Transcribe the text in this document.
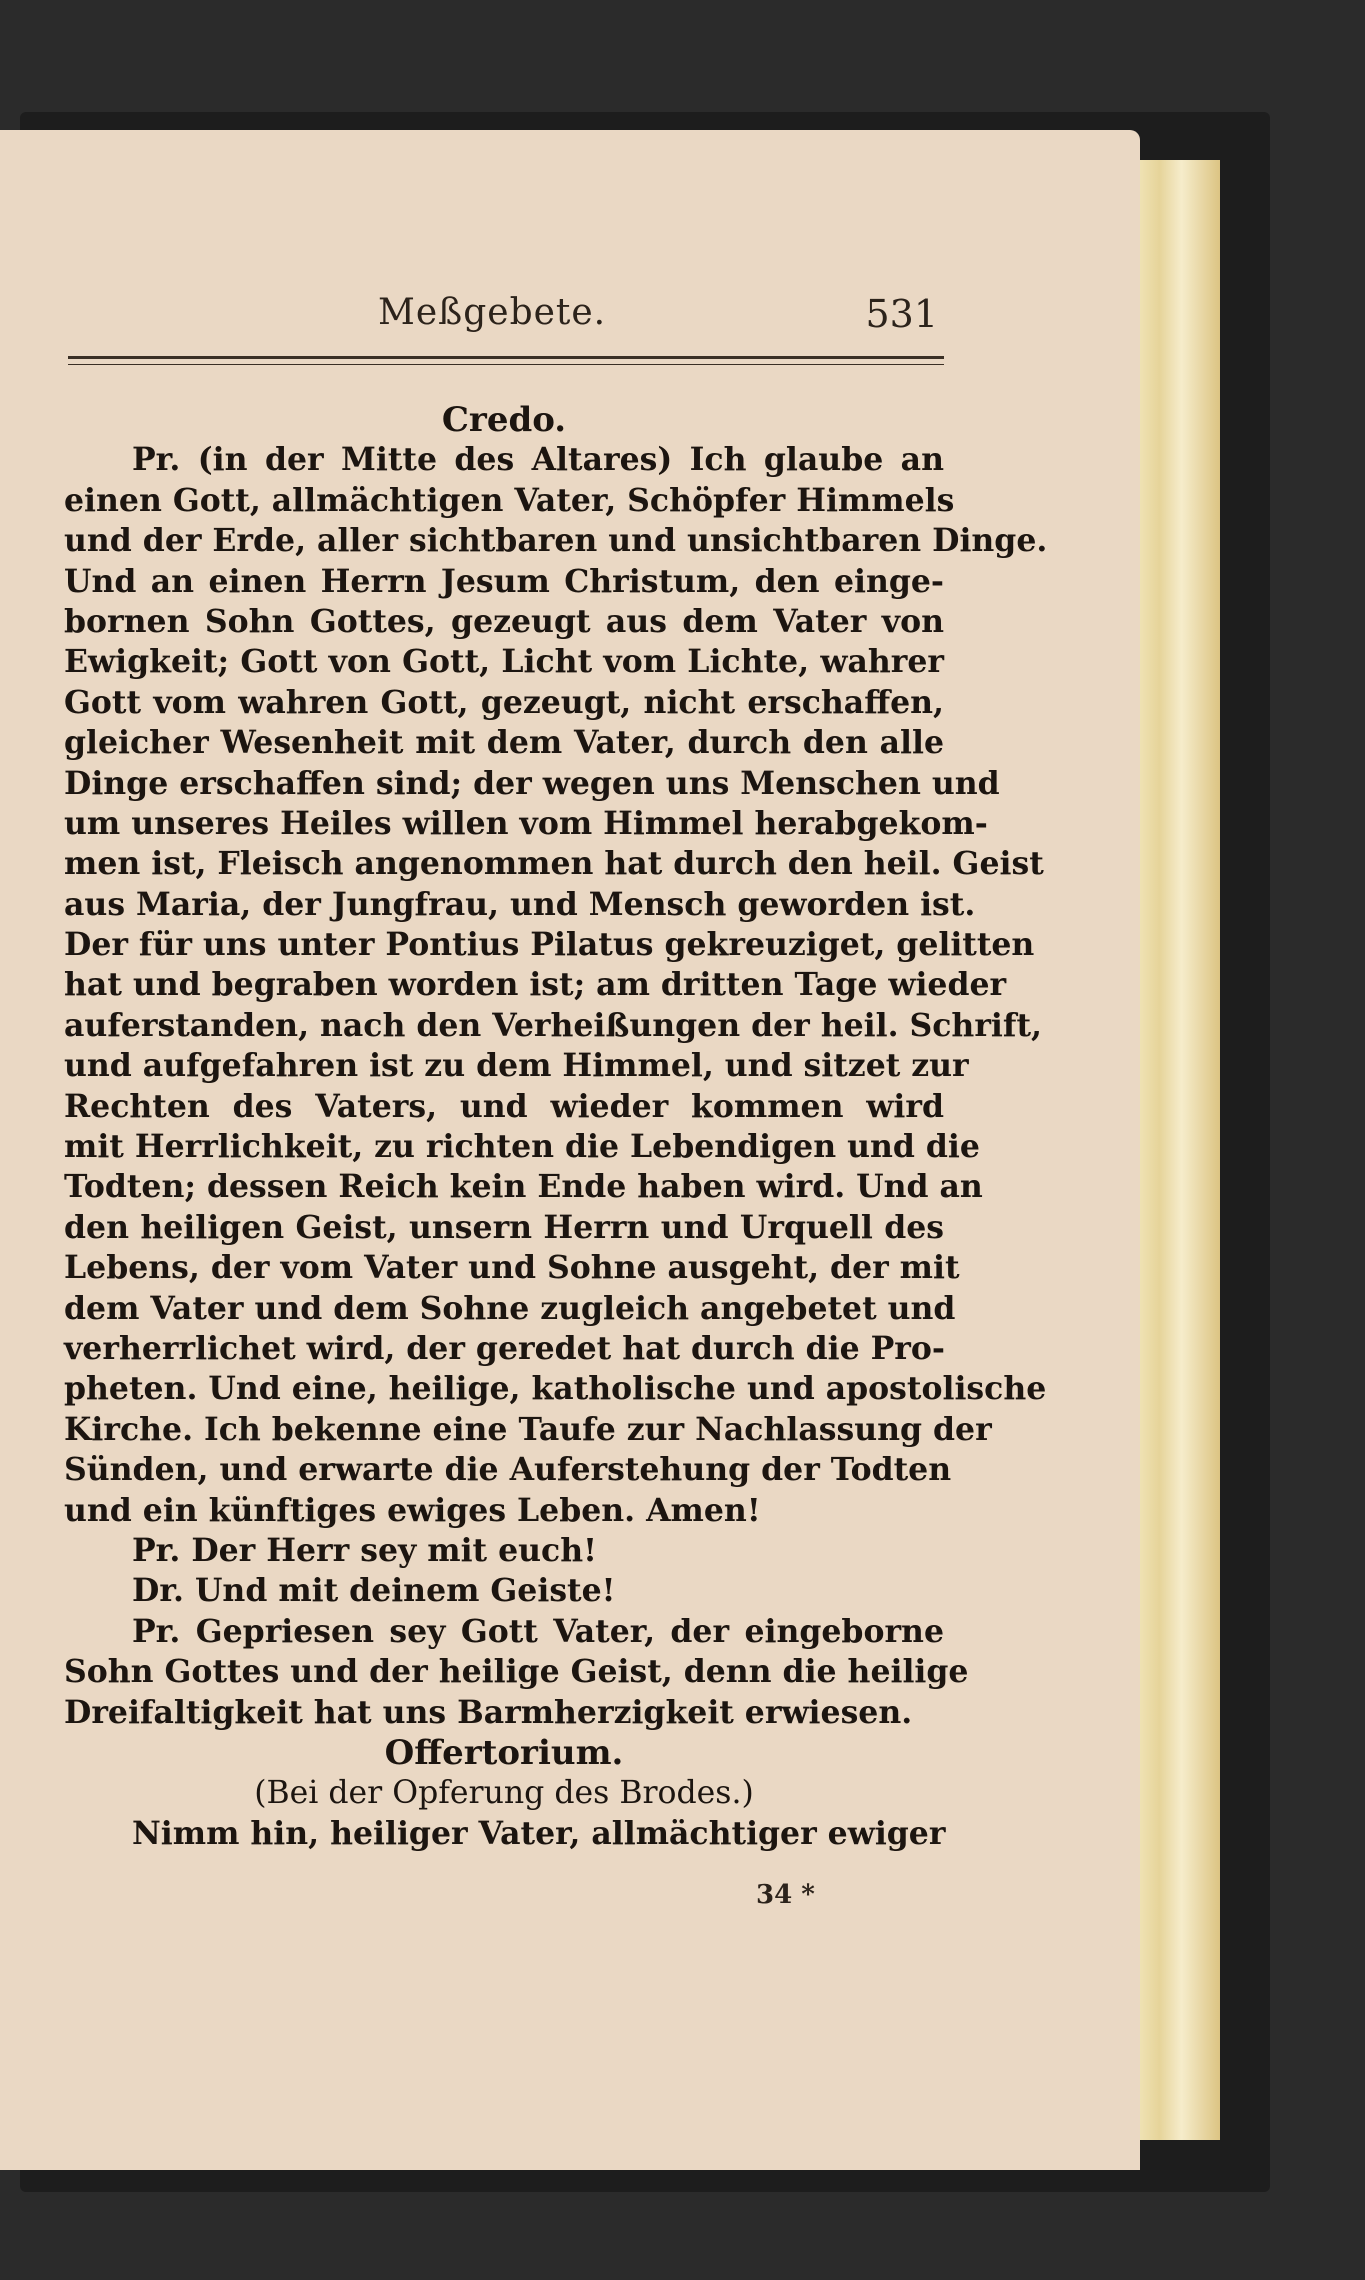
Meßgebete.	531
Credo.
Pr. (in der Mitte des Altares) Ich glaube an
einen Gott, allmächtigen Vater, Schöpfer Himmels
und der Erde, aller sichtbaren und unsichtbaren Dinge.
Und an einen Herrn Jesum Christum, den einge-
bornen Sohn Gottes, gezeugt aus dem Vater von
Ewigkeit; Gott von Gott, Licht vom Lichte, wahrer
Gott vom wahren Gott, gezeugt, nicht erschaffen,
gleicher Wesenheit mit dem Vater, durch den alle
Dinge erschaffen sind; der wegen uns Menschen und
um unseres Heiles willen vom Himmel herabgekom-
men ist, Fleisch angenommen hat durch den heil. Geist
aus Maria, der Jungfrau, und Mensch geworden ist.
Der für uns unter Pontius Pilatus gekreuziget, gelitten
hat und begraben worden ist; am dritten Tage wieder
auferstanden, nach den Verheißungen der heil. Schrift,
und aufgefahren ist zu dem Himmel, und sitzet zur
Rechten des Vaters, und wieder kommen wird
mit Herrlichkeit, zu richten die Lebendigen und die
Todten; dessen Reich kein Ende haben wird. Und an
den heiligen Geist, unsern Herrn und Urquell des
Lebens, der vom Vater und Sohne ausgeht, der mit
dem Vater und dem Sohne zugleich angebetet und
verherrlichet wird, der geredet hat durch die Pro-
pheten. Und eine, heilige, katholische und apostolische
Kirche. Ich bekenne eine Taufe zur Nachlassung der
Sünden, und erwarte die Auferstehung der Todten
und ein künftiges ewiges Leben. Amen!
Pr. Der Herr sey mit euch!
Dr. Und mit deinem Geiste!
Pr. Gepriesen sey Gott Vater, der eingeborne
Sohn Gottes und der heilige Geist, denn die heilige
Dreifaltigkeit hat uns Barmherzigkeit erwiesen.
Offertorium.
(Bei der Opferung des Brodes.)
Nimm hin, heiliger Vater, allmächtiger ewiger
34 *
